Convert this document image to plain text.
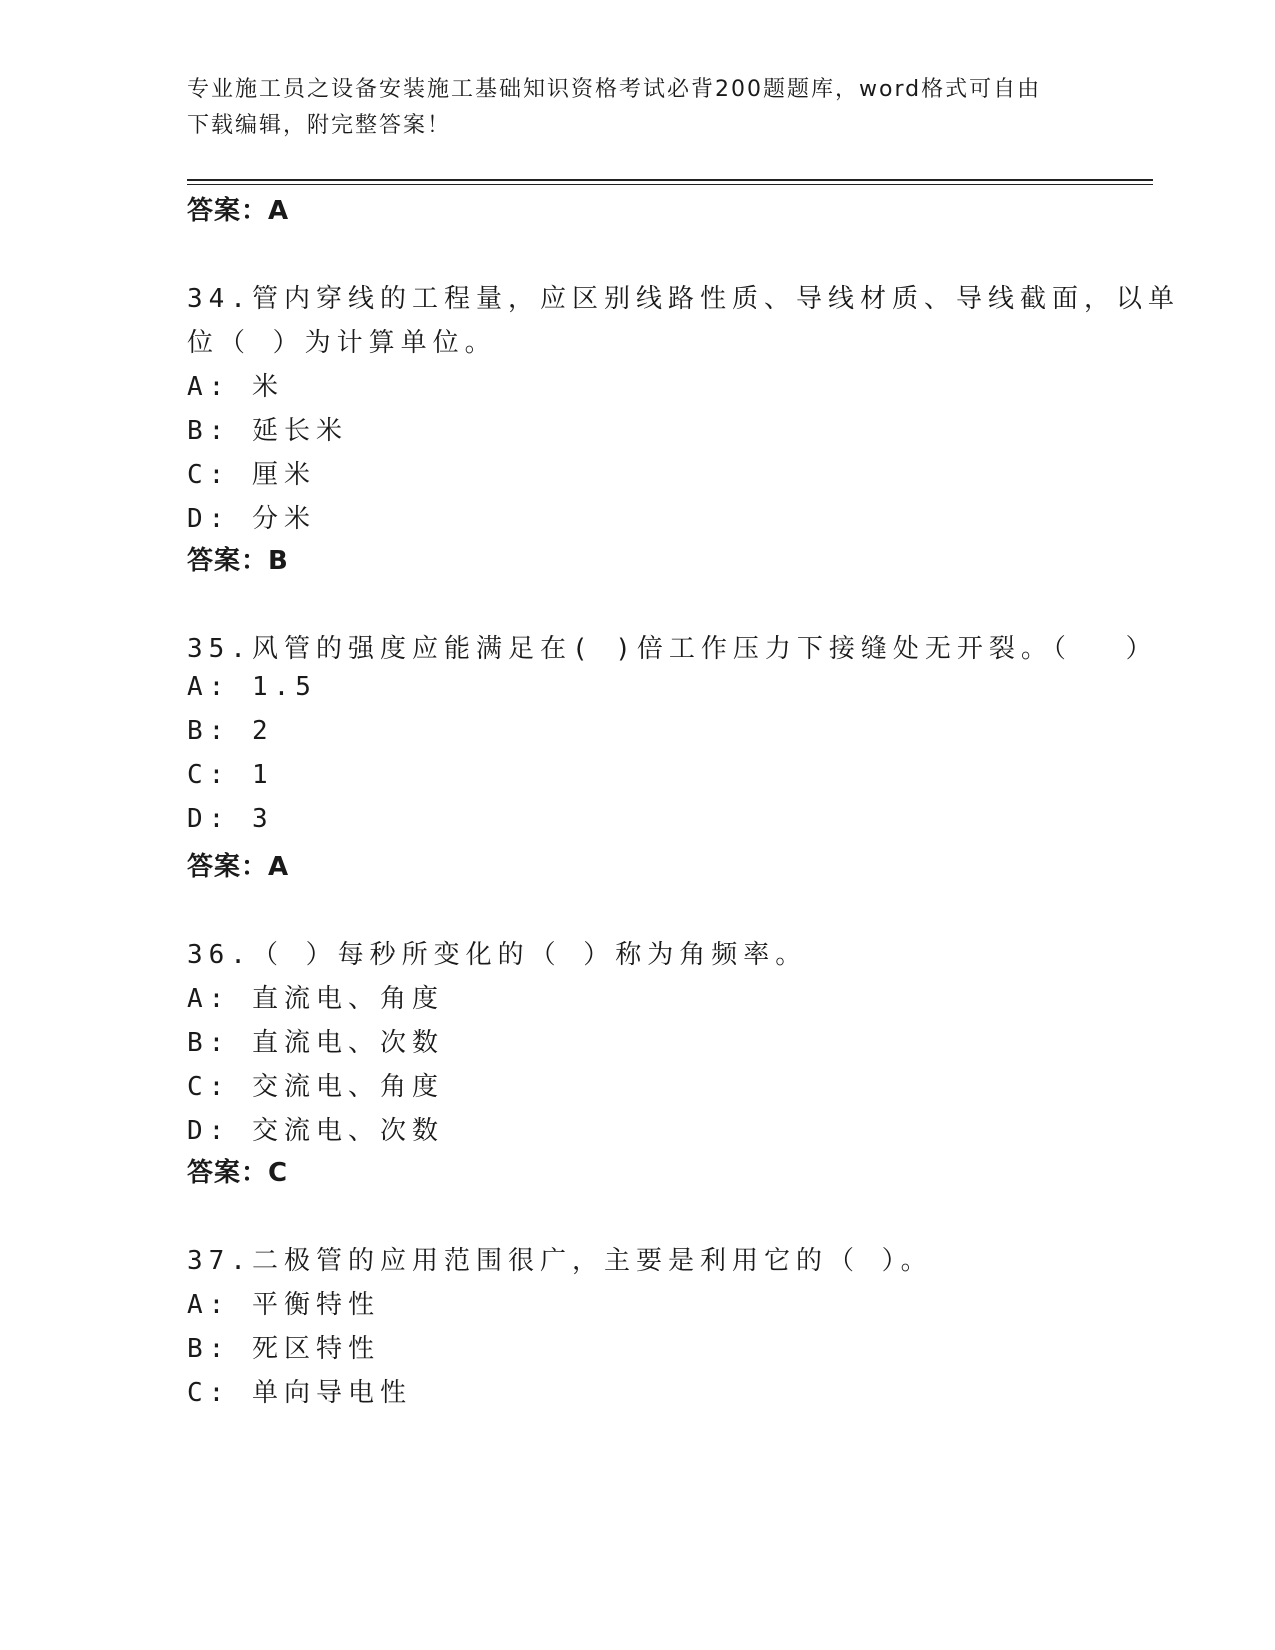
专业施工员之设备安装施工基础知识资格考试必背200题题库，word格式可自由
下载编辑，附完整答案！
答案：A
34.管内穿线的工程量，应区别线路性质、导线材质、导线截面，以单
位（ ）为计算单位。
A: 米
B: 延长米
C: 厘米
D: 分米
答案：B
35.风管的强度应能满足在( )倍工作压力下接缝处无开裂。（　 ）
A: 1.5
B: 2
C: 1
D: 3
答案：A
36.（ ）每秒所变化的（ ）称为角频率。
A: 直流电、角度
B: 直流电、次数
C: 交流电、角度
D: 交流电、次数
答案：C
37.二极管的应用范围很广，主要是利用它的（ ）。
A: 平衡特性
B: 死区特性
C: 单向导电性
